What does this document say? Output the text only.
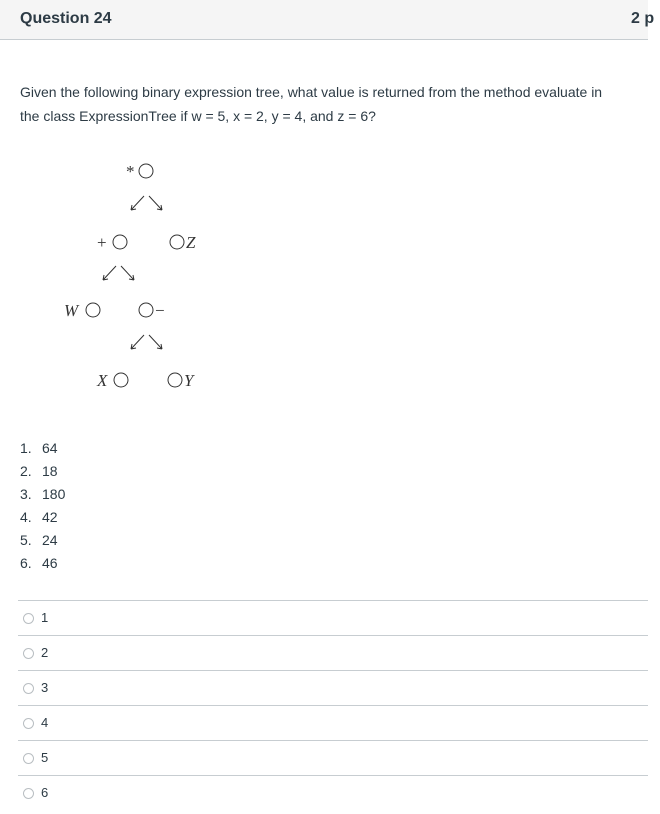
Question 24	2 p
Given the following binary expression tree, what value is returned from the method evaluate in
the class ExpressionTree if w = 5, x = 2, y = 4, and z = 6?
*
+	Z
W	−
X	Y
1. 64
2. 18
3. 180
4. 42
5. 24
6. 46
1
2
3
4
5
6
